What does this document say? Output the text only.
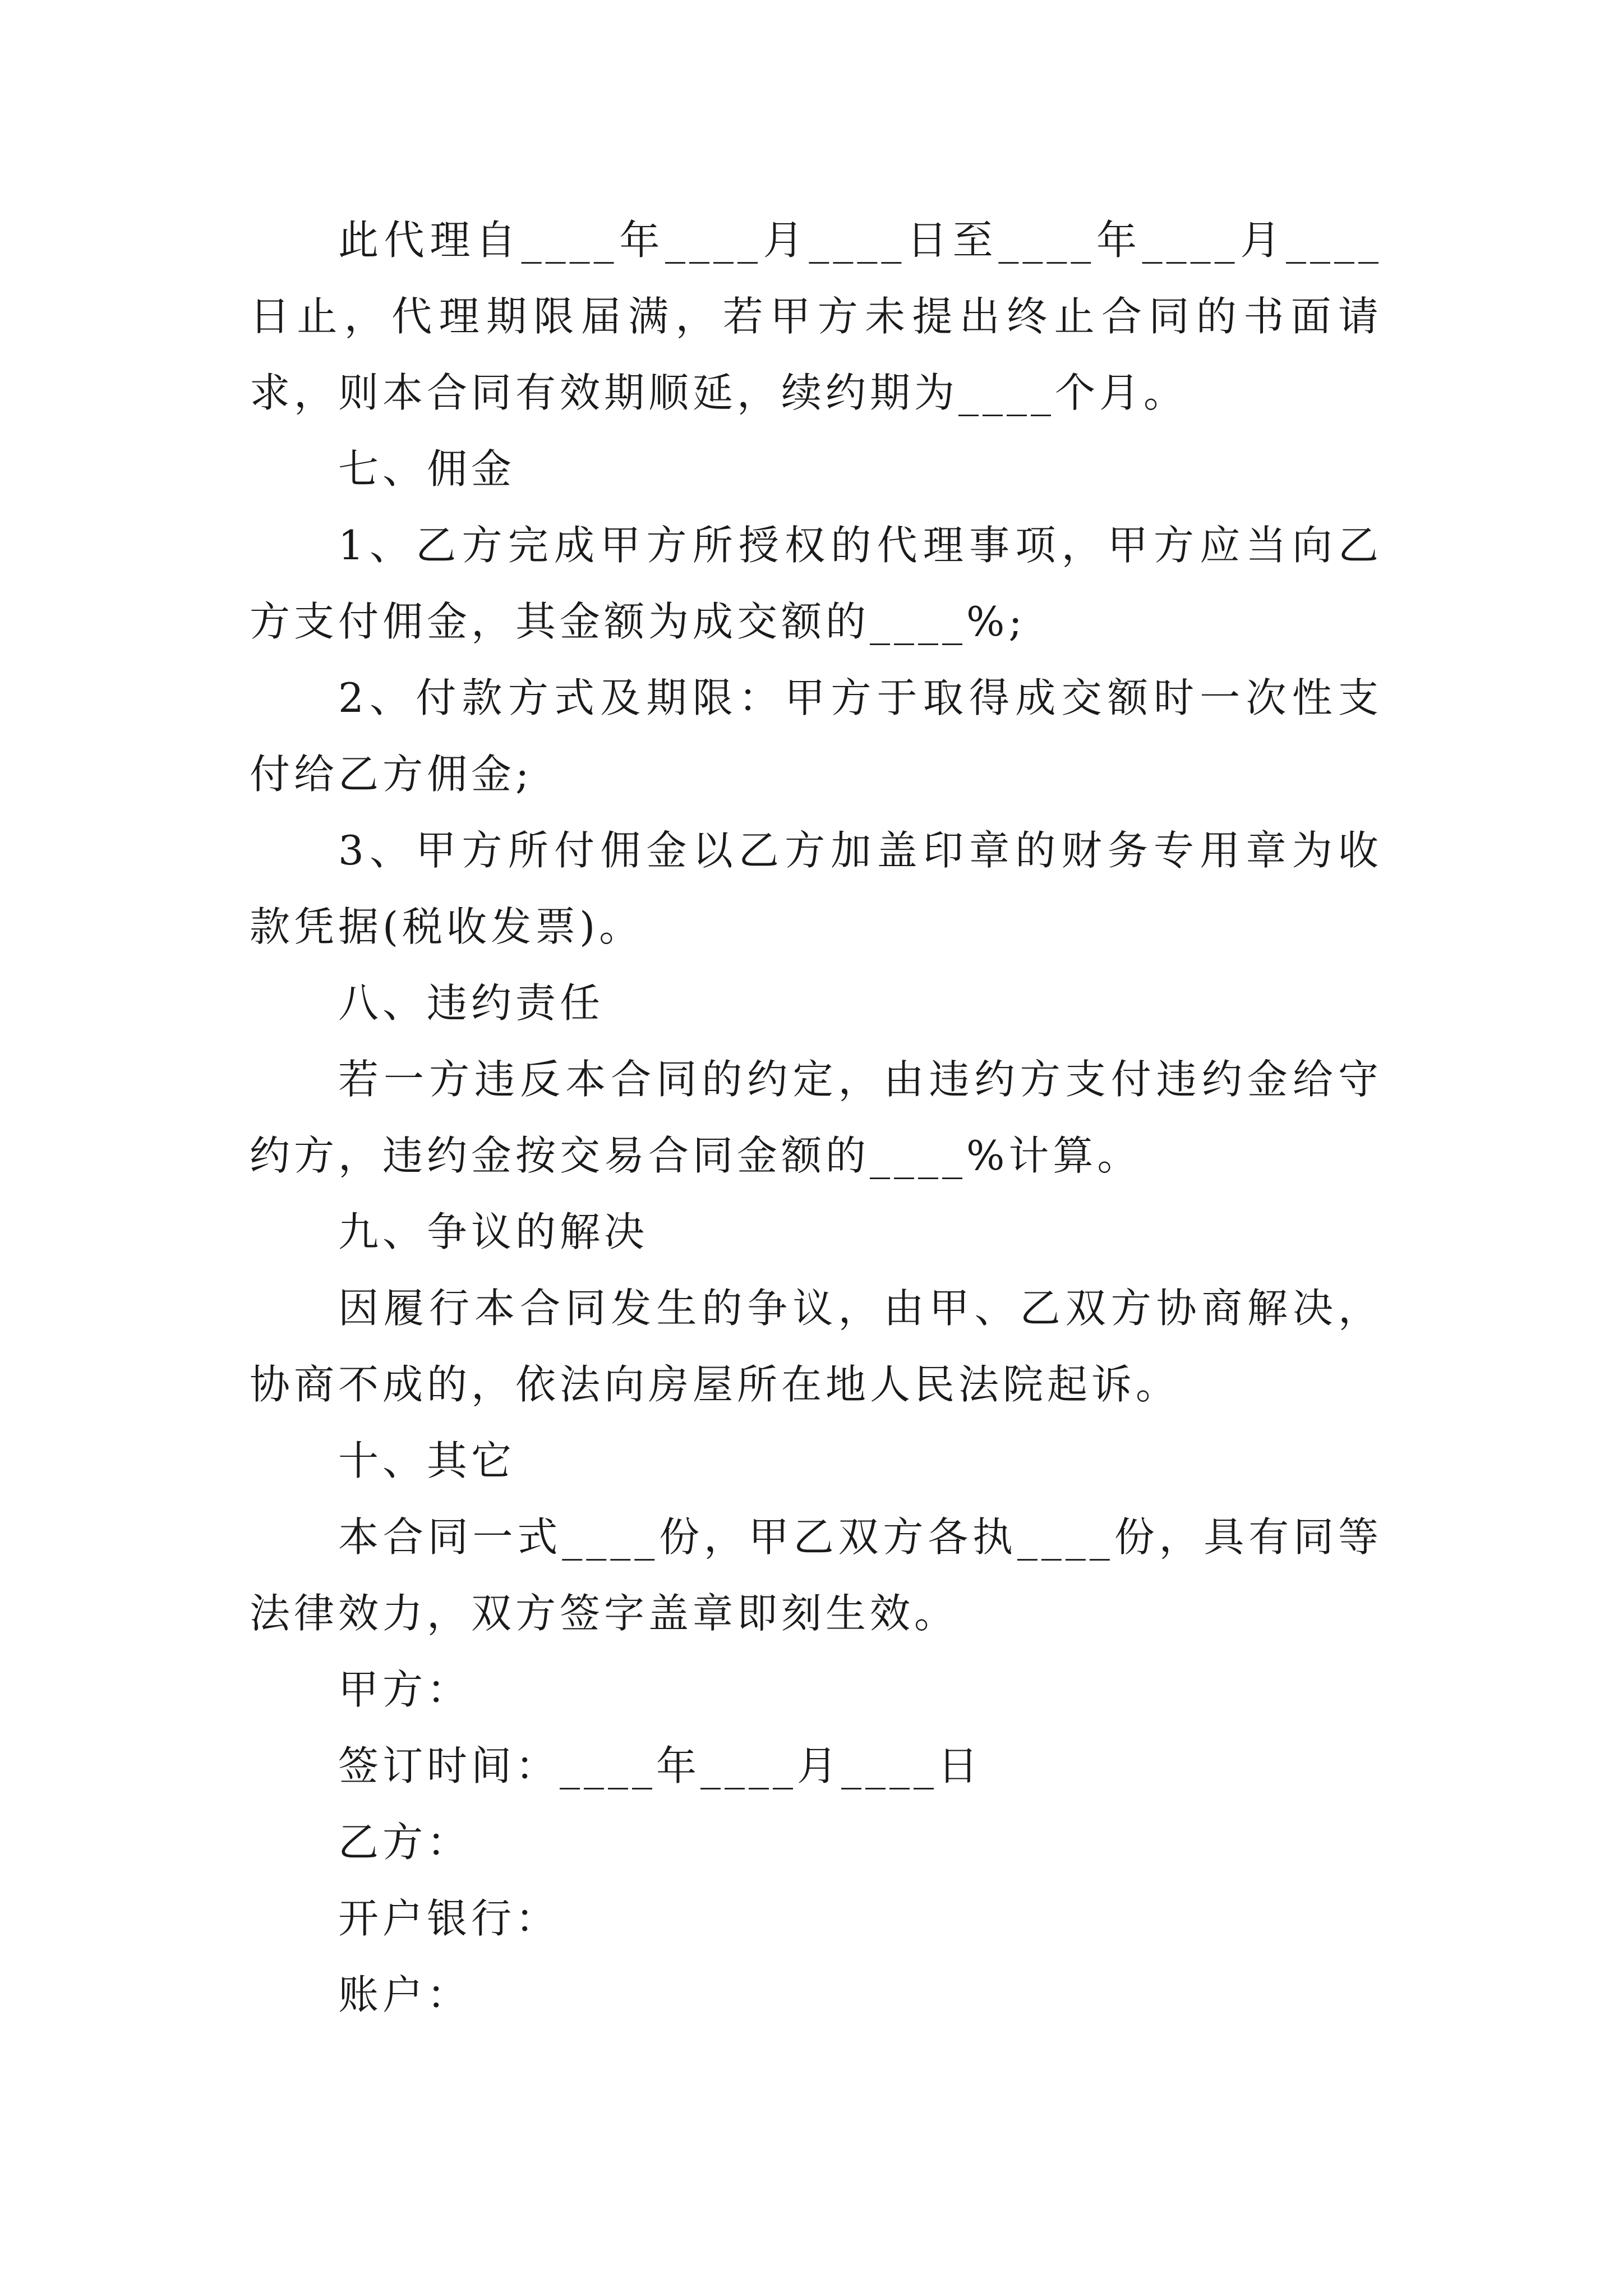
此代理自____年____月____日至____年____月____日止，代理期限届满，若甲方未提出终止合同的书面请求，则本合同有效期顺延，续约期为____个月。

七、佣金

1、乙方完成甲方所授权的代理事项，甲方应当向乙方支付佣金，其金额为成交额的____%;

2、付款方式及期限：甲方于取得成交额时一次性支付给乙方佣金;

3、甲方所付佣金以乙方加盖印章的财务专用章为收款凭据(税收发票)。

八、违约责任

若一方违反本合同的约定，由违约方支付违约金给守约方，违约金按交易合同金额的____%计算。

九、争议的解决

因履行本合同发生的争议，由甲、乙双方协商解决，协商不成的，依法向房屋所在地人民法院起诉。

十、其它

本合同一式____份，甲乙双方各执____份，具有同等法律效力，双方签字盖章即刻生效。

甲方：

签订时间：____年____月____日

乙方：

开户银行：

账户：
